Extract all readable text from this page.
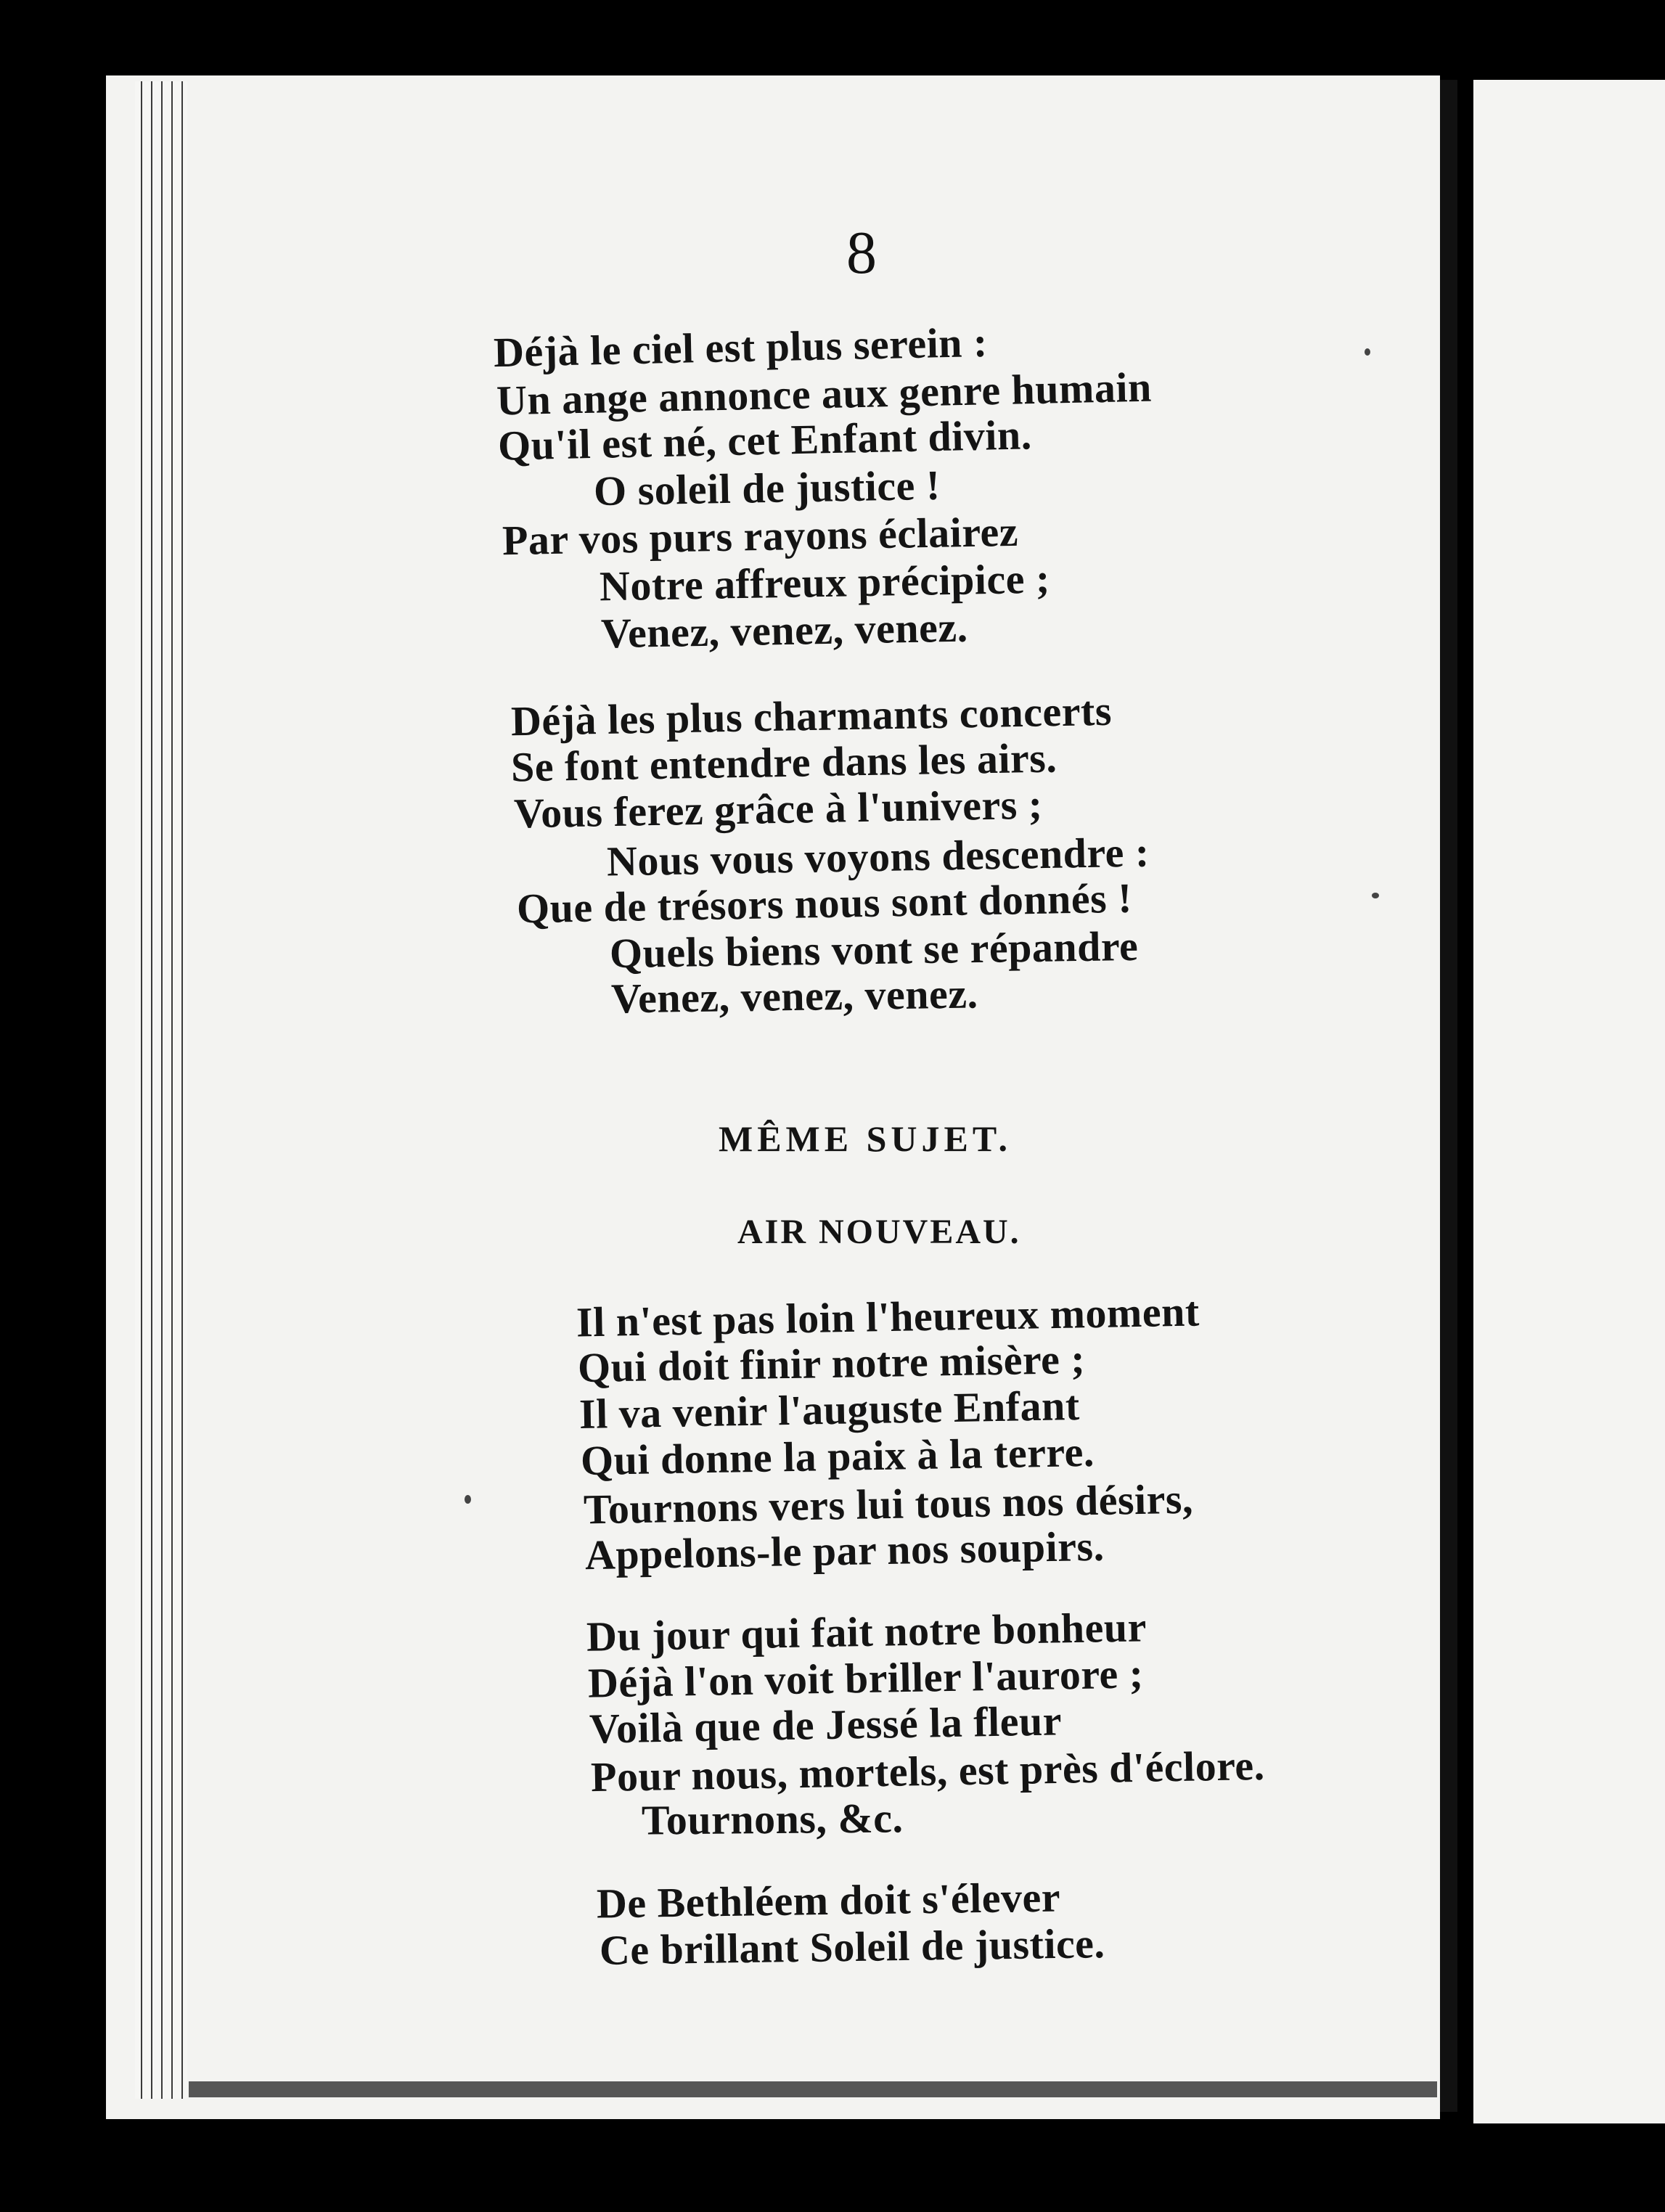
8
Déjà le ciel est plus serein :
Un ange annonce aux genre humain
Qu'il est né, cet Enfant divin.
O soleil de justice !
Par vos purs rayons éclairez
Notre affreux précipice ;
Venez, venez, venez.
Déjà les plus charmants concerts
Se font entendre dans les airs.
Vous ferez grâce à l'univers ;
Nous vous voyons descendre :
Que de trésors nous sont donnés !
Quels biens vont se répandre
Venez, venez, venez.
MÊME SUJET.
AIR NOUVEAU.
Il n'est pas loin l'heureux moment
Qui doit finir notre misère ;
Il va venir l'auguste Enfant
Qui donne la paix à la terre.
Tournons vers lui tous nos désirs,
Appelons-le par nos soupirs.
Du jour qui fait notre bonheur
Déjà l'on voit briller l'aurore ;
Voilà que de Jessé la fleur
Pour nous, mortels, est près d'éclore.
Tournons, &c.
De Bethléem doit s'élever
Ce brillant Soleil de justice.
